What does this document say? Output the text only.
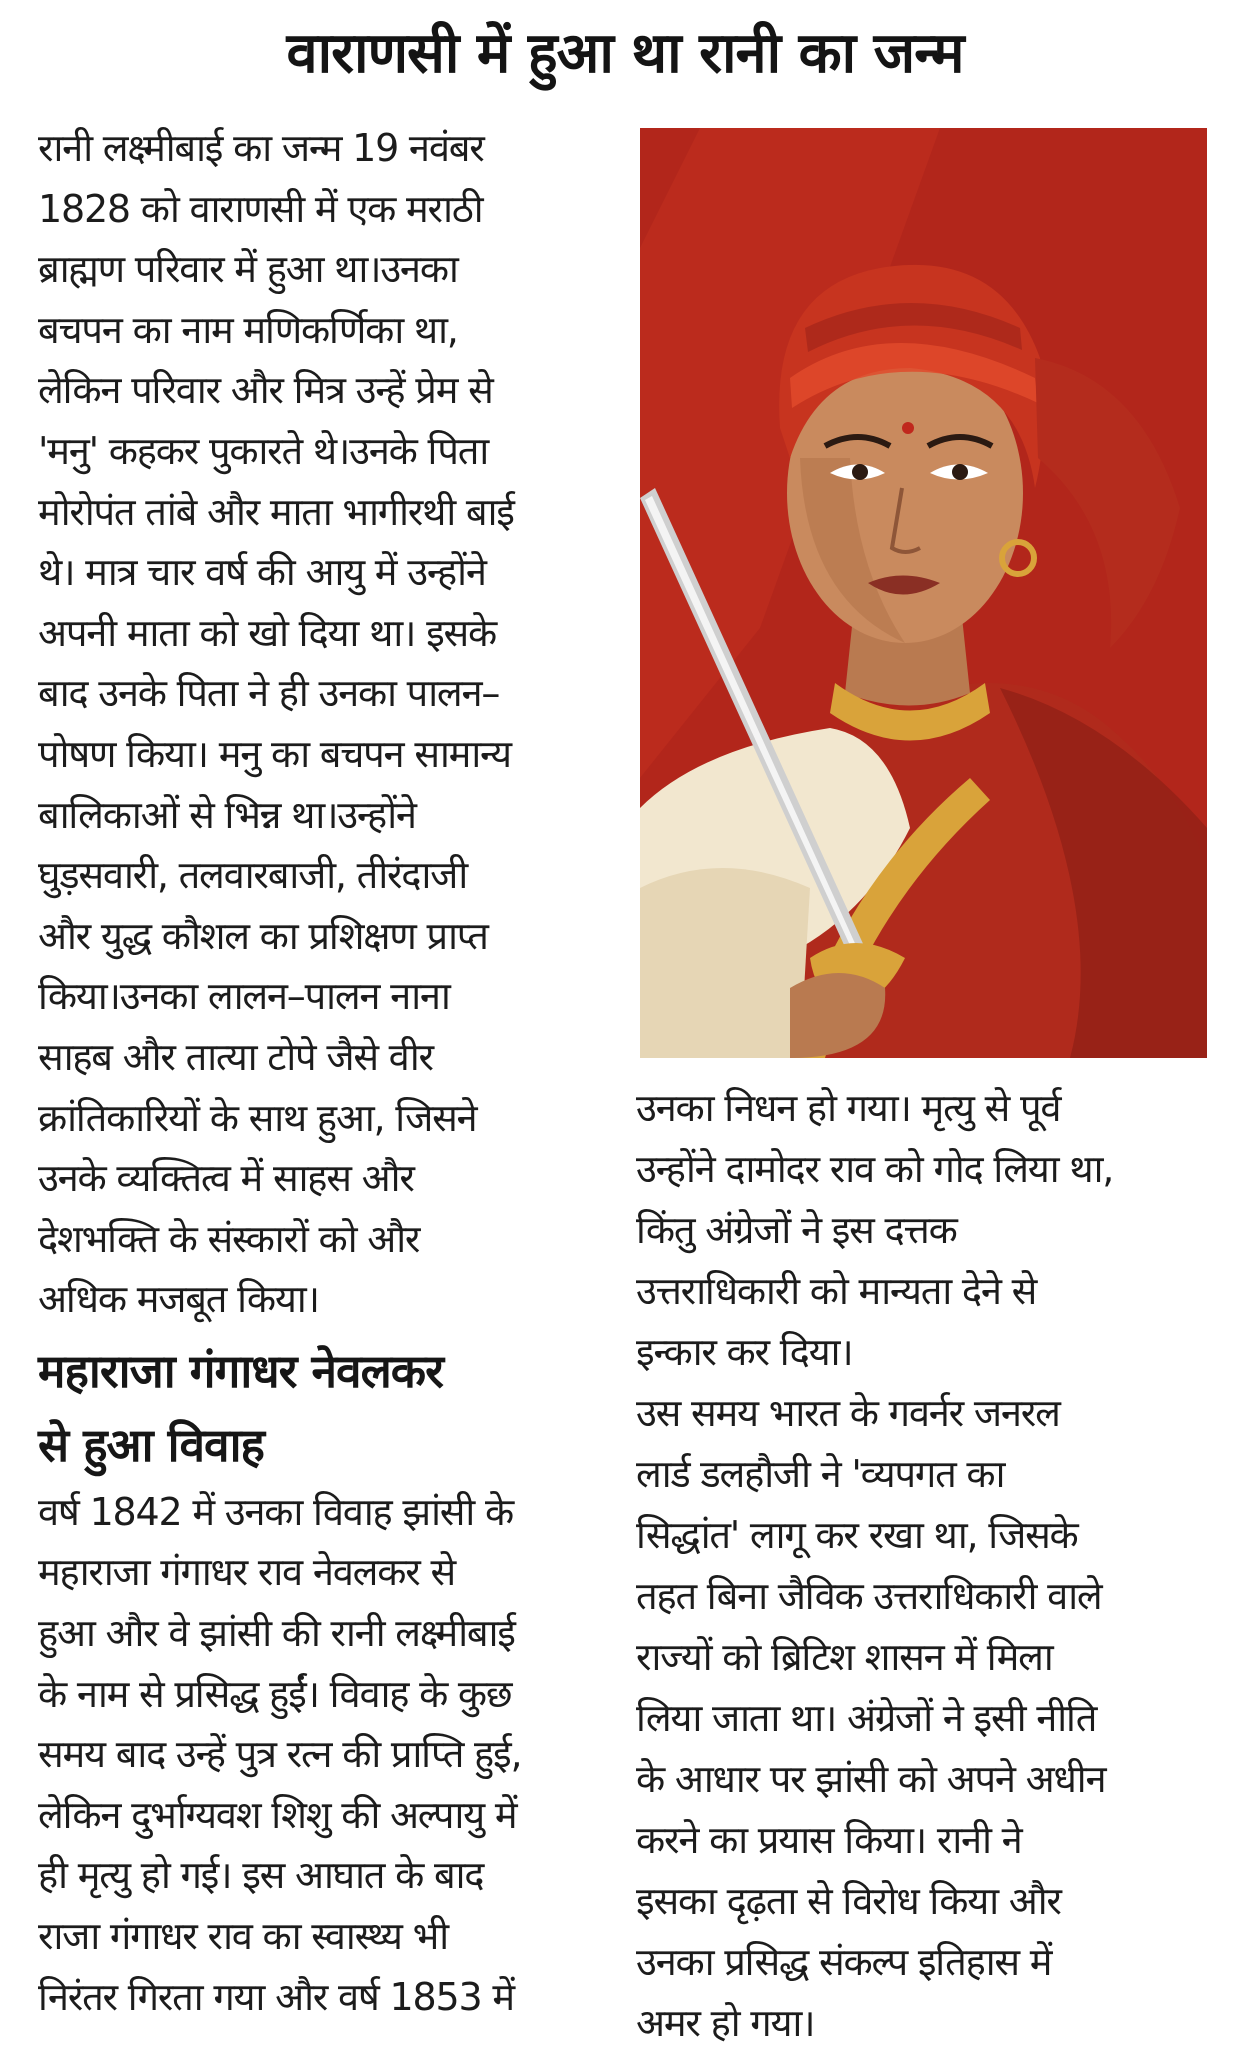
वाराणसी में हुआ था रानी का जन्म
रानी लक्ष्मीबाई का जन्म 19 नवंबर
1828 को वाराणसी में एक मराठी
ब्राह्मण परिवार में हुआ था।उनका
बचपन का नाम मणिकर्णिका था,
लेकिन परिवार और मित्र उन्हें प्रेम से
'मनु' कहकर पुकारते थे।उनके पिता
मोरोपंत तांबे और माता भागीरथी बाई
थे। मात्र चार वर्ष की आयु में उन्होंने
अपनी माता को खो दिया था। इसके
बाद उनके पिता ने ही उनका पालन–
पोषण किया। मनु का बचपन सामान्य
बालिकाओं से भिन्न था।उन्होंने
घुड़सवारी, तलवारबाजी, तीरंदाजी
और युद्ध कौशल का प्रशिक्षण प्राप्त
किया।उनका लालन–पालन नाना
साहब और तात्या टोपे जैसे वीर
क्रांतिकारियों के साथ हुआ, जिसने
उनके व्यक्तित्व में साहस और
देशभक्ति के संस्कारों को और
अधिक मजबूत किया।
महाराजा गंगाधर नेवलकर
से हुआ विवाह
वर्ष 1842 में उनका विवाह झांसी के
महाराजा गंगाधर राव नेवलकर से
हुआ और वे झांसी की रानी लक्ष्मीबाई
के नाम से प्रसिद्ध हुईं। विवाह के कुछ
समय बाद उन्हें पुत्र रत्न की प्राप्ति हुई,
लेकिन दुर्भाग्यवश शिशु की अल्पायु में
ही मृत्यु हो गई। इस आघात के बाद
राजा गंगाधर राव का स्वास्थ्य भी
निरंतर गिरता गया और वर्ष 1853 में
उनका निधन हो गया। मृत्यु से पूर्व
उन्होंने दामोदर राव को गोद लिया था,
किंतु अंग्रेजों ने इस दत्तक
उत्तराधिकारी को मान्यता देने से
इन्कार कर दिया।
उस समय भारत के गवर्नर जनरल
लार्ड डलहौजी ने 'व्यपगत का
सिद्धांत' लागू कर रखा था, जिसके
तहत बिना जैविक उत्तराधिकारी वाले
राज्यों को ब्रिटिश शासन में मिला
लिया जाता था। अंग्रेजों ने इसी नीति
के आधार पर झांसी को अपने अधीन
करने का प्रयास किया। रानी ने
इसका दृढ़ता से विरोध किया और
उनका प्रसिद्ध संकल्प इतिहास में
अमर हो गया।
